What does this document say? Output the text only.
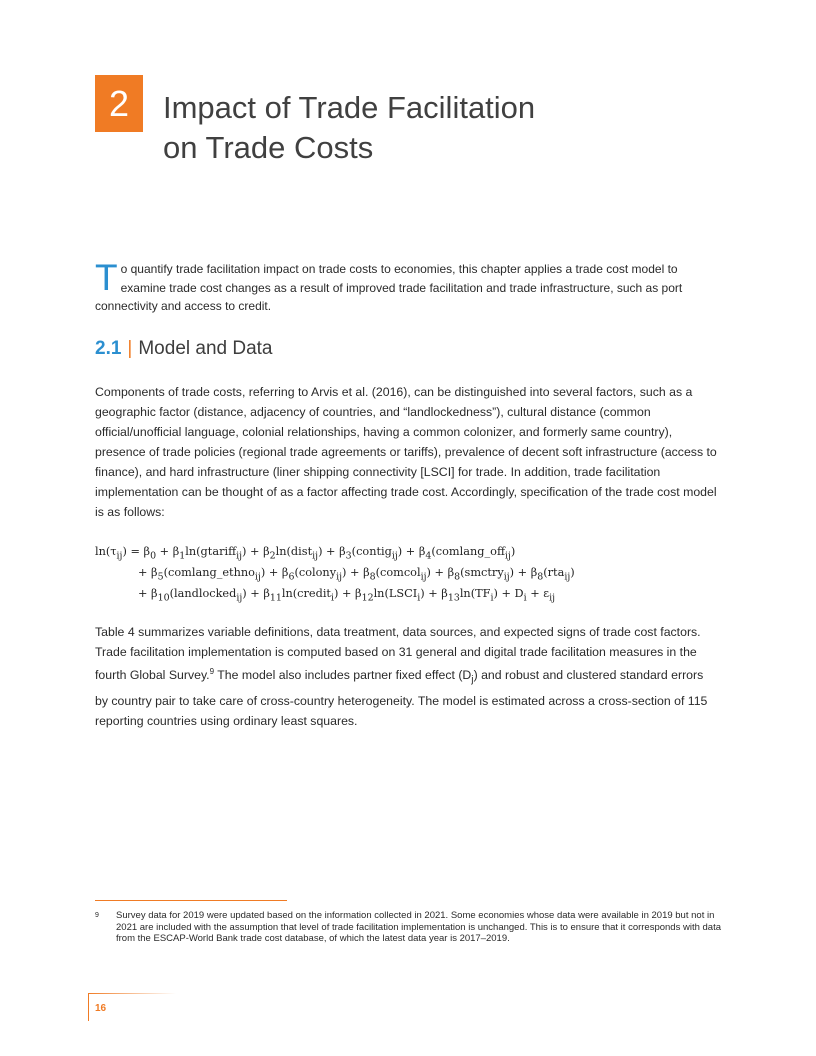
2	Impact of Trade Facilitation
on Trade Costs

To quantify trade facilitation impact on trade costs to economies, this chapter applies a trade cost model to examine trade cost changes as a result of improved trade facilitation and trade infrastructure, such as port connectivity and access to credit.

2.1 | Model and Data

Components of trade costs, referring to Arvis et al. (2016), can be distinguished into several factors, such as a geographic factor (distance, adjacency of countries, and “landlockedness”), cultural distance (common official/unofficial language, colonial relationships, having a common colonizer, and formerly same country), presence of trade policies (regional trade agreements or tariffs), prevalence of decent soft infrastructure (access to finance), and hard infrastructure (liner shipping connectivity [LSCI] for trade. In addition, trade facilitation implementation can be thought of as a factor affecting trade cost. Accordingly, specification of the trade cost model is as follows:

$\ln(\tau_{ij}) = \beta_0$ + $\beta_1\ln(gtariff_{ij})$ + $\beta_2\ln(dist_{ij})$ + $\beta_3(contig_{ij})$ + $\beta_4(comlang\_off_{ij})$
+ $\beta_5(comlang\_ethno_{ij})$ + $\beta_6(colony_{ij})$ + $\beta_8(comcol_{ij})$ + $\beta_8(smctry_{ij}) + \beta_8(rta_{ij})$
+ $\beta_{10}(landlocked_{ij})$ + $\beta_{11}\ln(credit_i)$ + $\beta_{12}\ln(LSCI_i) + \beta_{13}\ln(TF_i) + D_i + \varepsilon_{ij}$

Table 4 summarizes variable definitions, data treatment, data sources, and expected signs of trade cost factors. Trade facilitation implementation is computed based on 31 general and digital trade facilitation measures in the fourth Global Survey.$^9$ The model also includes partner fixed effect $(D_j)$ and robust and clustered standard errors by country pair to take care of cross-country heterogeneity. The model is estimated across a cross-section of 115 reporting countries using ordinary least squares.

9 Survey data for 2019 were updated based on the information collected in 2021. Some economies whose data were available in 2019 but not in 2021 are included with the assumption that level of trade facilitation implementation is unchanged. This is to ensure that it corresponds with data from the ESCAP-World Bank trade cost database, of which the latest data year is 2017–2019.
16
